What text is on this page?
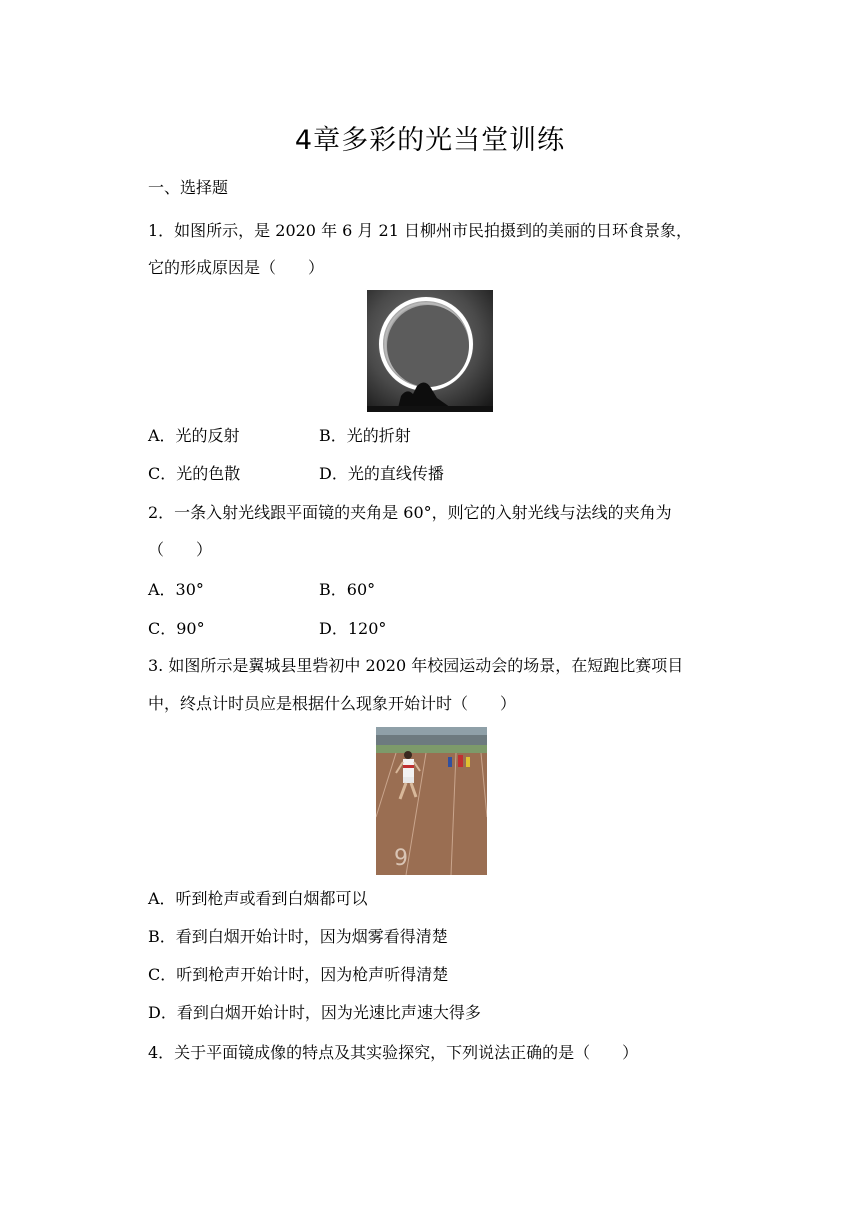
4章多彩的光当堂训练
一、选择题
1．如图所示，是 2020 年 6 月 21 日柳州市民拍摄到的美丽的日环食景象，
它的形成原因是（　　）
A．光的反射	B．光的折射
C．光的色散	D．光的直线传播
2．一条入射光线跟平面镜的夹角是 60°，则它的入射光线与法线的夹角为
（　　）
A．30°	B．60°
C．90°	D．120°
3. 如图所示是翼城县里砦初中 2020 年校园运动会的场景，在短跑比赛项目
中，终点计时员应是根据什么现象开始计时（　　）
9
A．听到枪声或看到白烟都可以
B．看到白烟开始计时，因为烟雾看得清楚
C．听到枪声开始计时，因为枪声听得清楚
D．看到白烟开始计时，因为光速比声速大得多
4．关于平面镜成像的特点及其实验探究，下列说法正确的是（　　）
